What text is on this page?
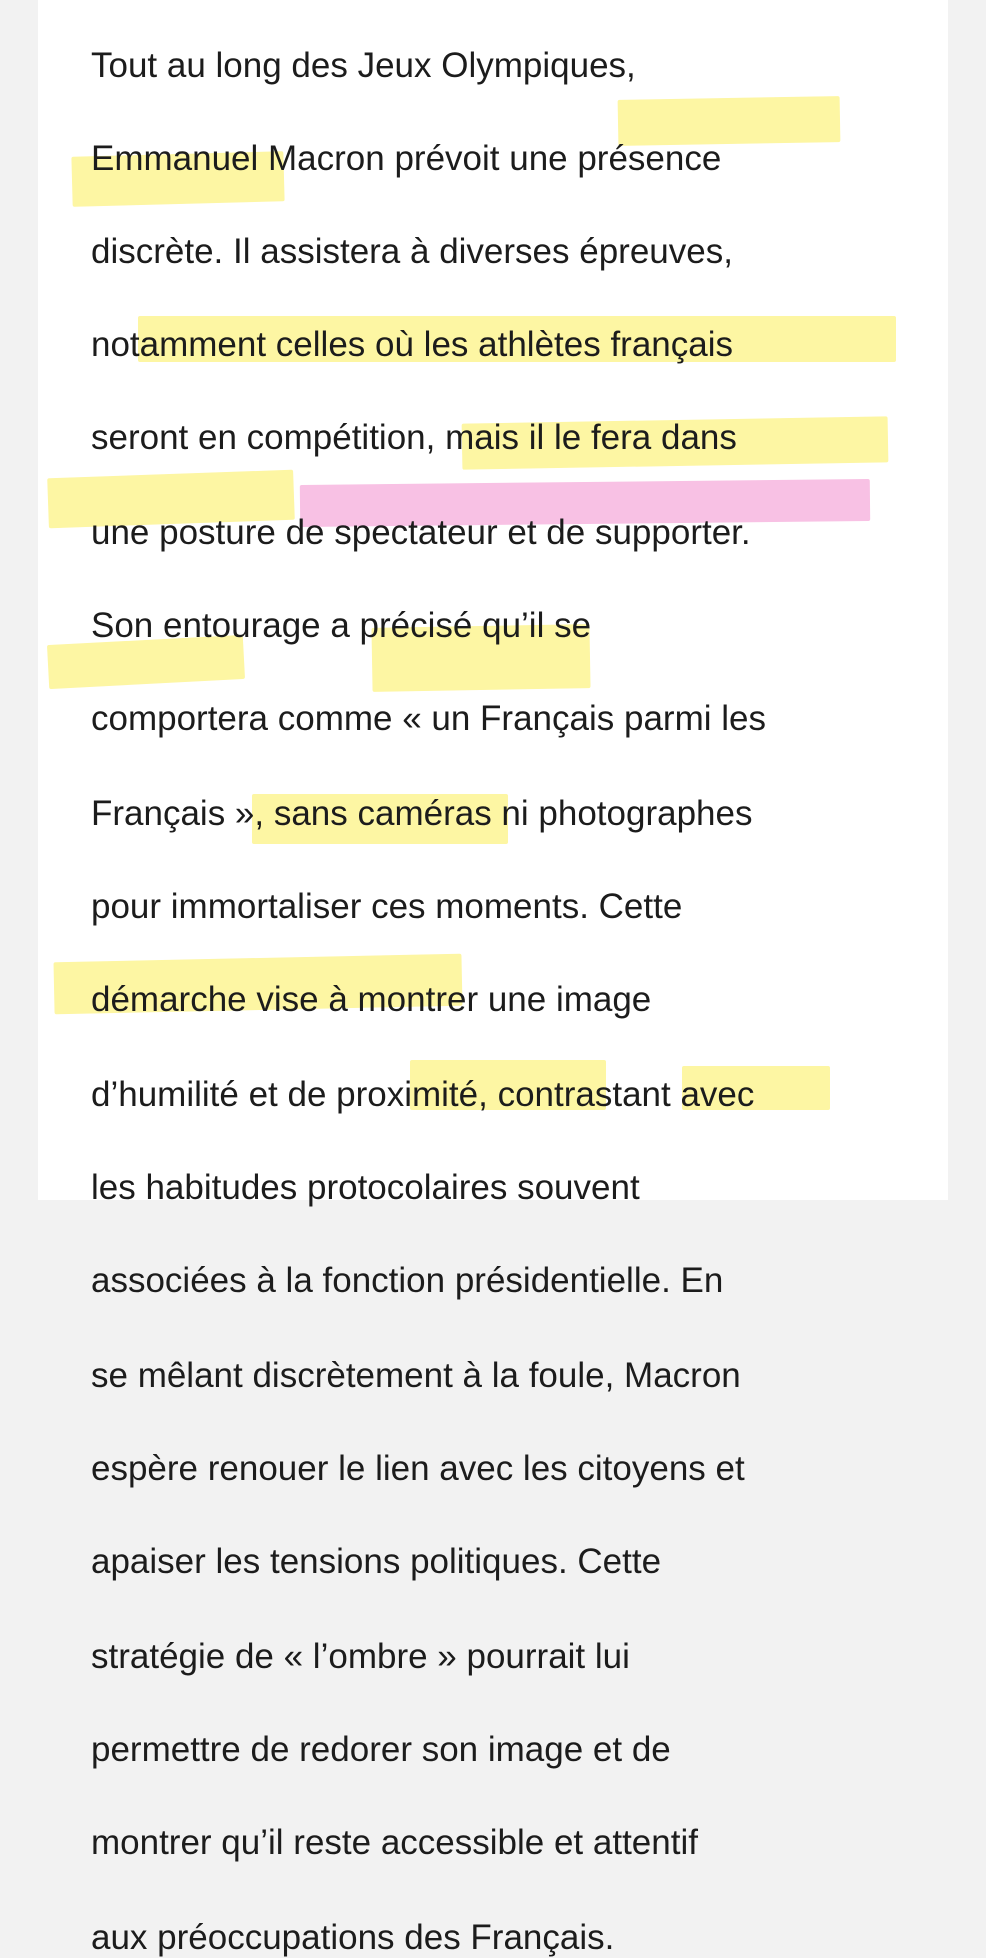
Tout au long des Jeux Olympiques,
Emmanuel Macron prévoit une présence
discrète. Il assistera à diverses épreuves,
notamment celles où les athlètes français
seront en compétition, mais il le fera dans
une posture de spectateur et de supporter.
Son entourage a précisé qu’il se
comportera comme « un Français parmi les
Français », sans caméras ni photographes
pour immortaliser ces moments. Cette
démarche vise à montrer une image
d’humilité et de proximité, contrastant avec
les habitudes protocolaires souvent
associées à la fonction présidentielle. En
se mêlant discrètement à la foule, Macron
espère renouer le lien avec les citoyens et
apaiser les tensions politiques. Cette
stratégie de « l’ombre » pourrait lui
permettre de redorer son image et de
montrer qu’il reste accessible et attentif
aux préoccupations des Français.
